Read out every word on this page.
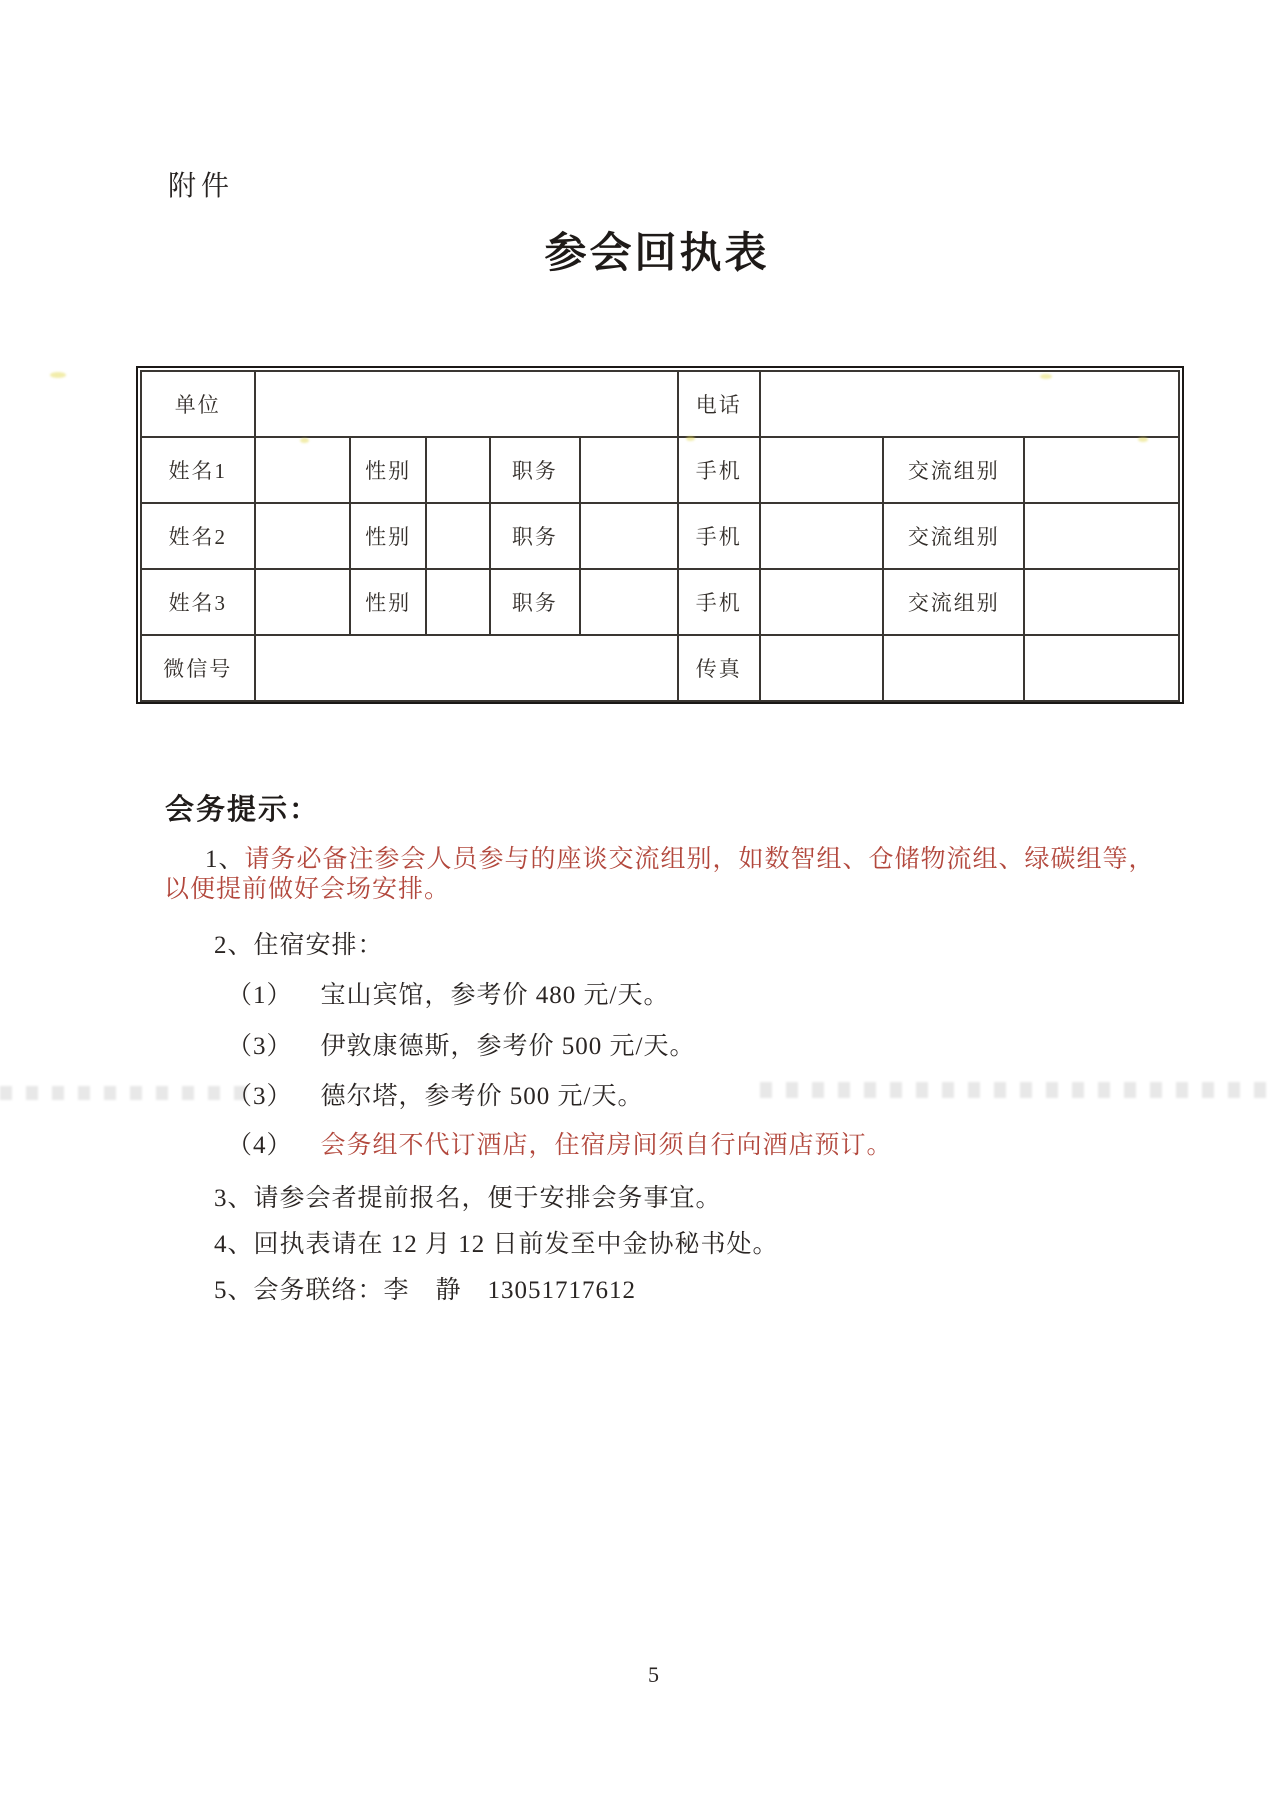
附件
参会回执表
单位						电话			
姓名1		性别		职务		手机		交流组别	
姓名2		性别		职务		手机		交流组别	
姓名3		性别		职务		手机		交流组别	
微信号						传真			
会务提示：
1、请务必备注参会人员参与的座谈交流组别，如数智组、仓储物流组、绿碳组等，
以便提前做好会场安排。
2、住宿安排：
（1） 宝山宾馆，参考价 480 元/天。
（3） 伊敦康德斯，参考价 500 元/天。
（3） 德尔塔，参考价 500 元/天。
（4） 会务组不代订酒店，住宿房间须自行向酒店预订。
3、请参会者提前报名，便于安排会务事宜。
4、回执表请在 12 月 12 日前发至中金协秘书处。
5、会务联络：李　静　13051717612
5
